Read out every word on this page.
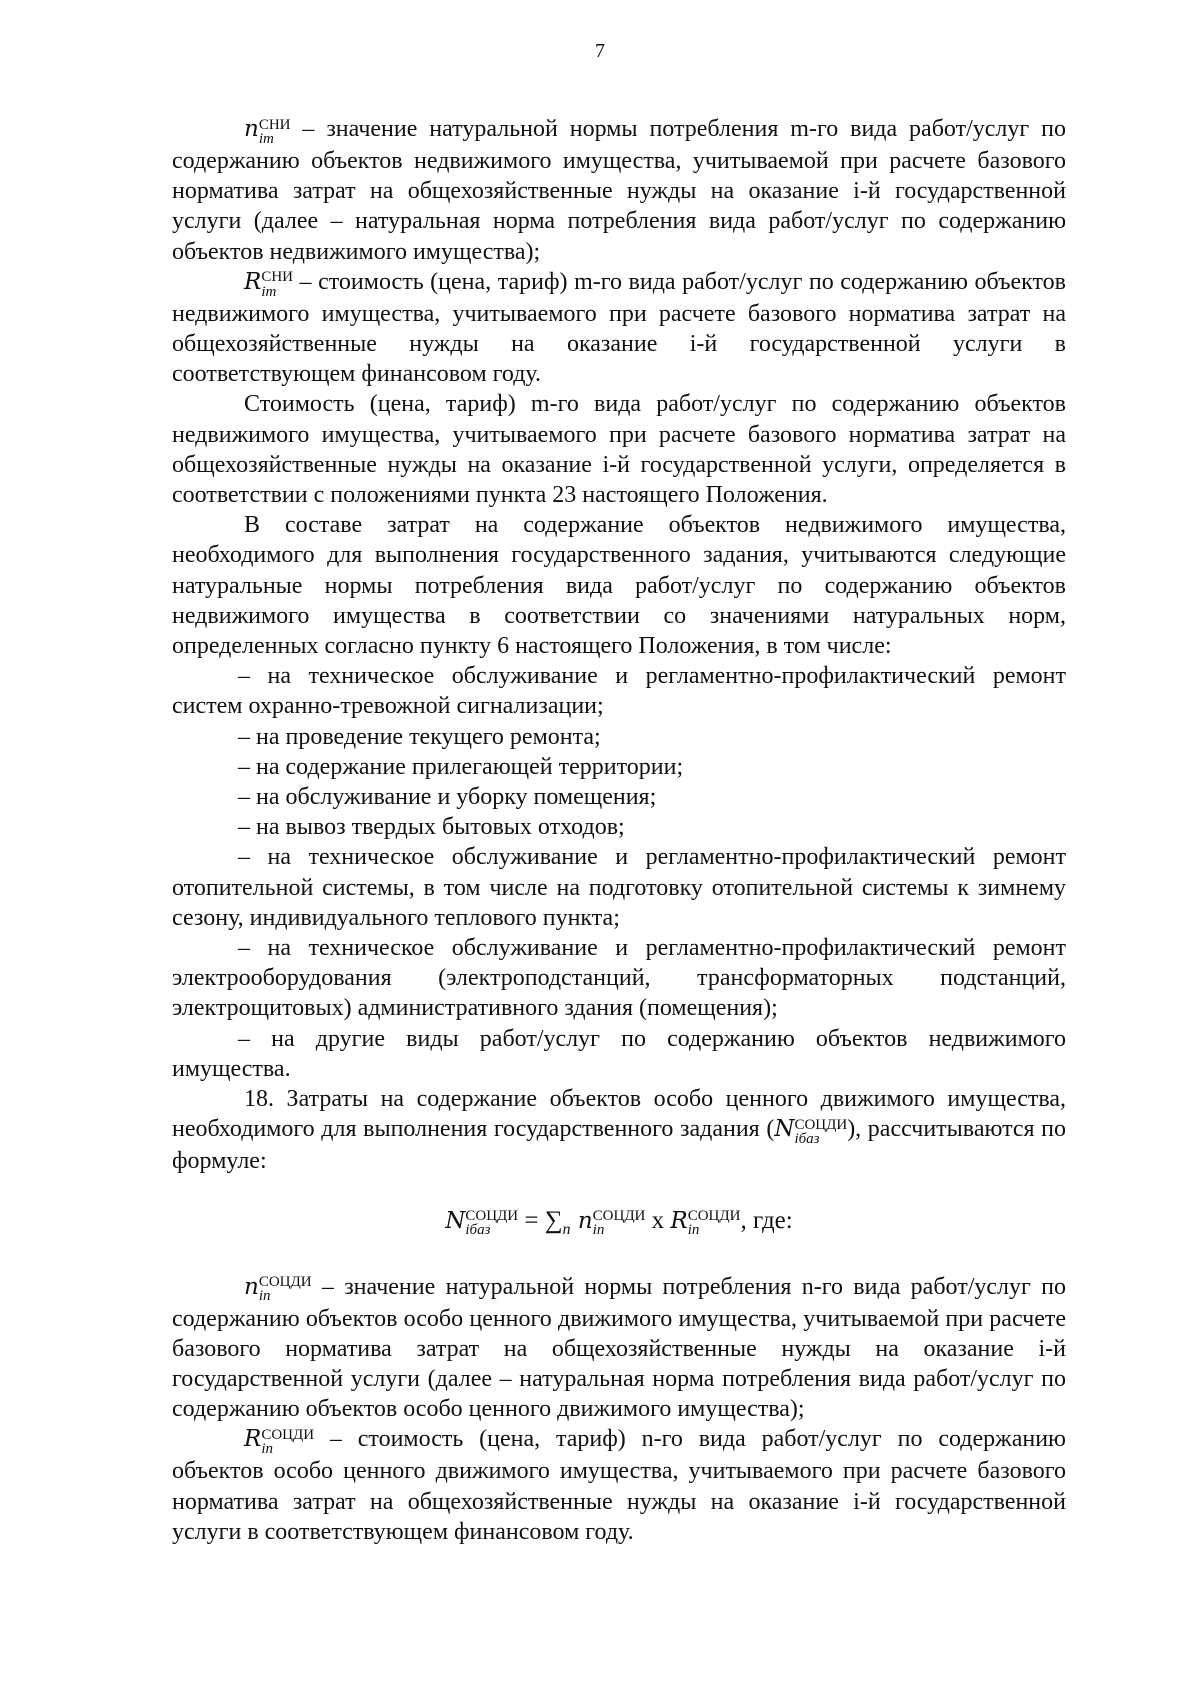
7

n СНИ
im – значение натуральной нормы потребления m-го вида работ/услуг по содержанию объектов недвижимого имущества, учитываемой при расчете базового норматива затрат на общехозяйственные нужды на оказание i-й государственной услуги (далее – натуральная норма потребления вида работ/услуг по содержанию объектов недвижимого имущества);

R СНИ
im – стоимость (цена, тариф) m-го вида работ/услуг по содержанию объектов недвижимого имущества, учитываемого при расчете базового норматива затрат на общехозяйственные нужды на оказание i-й государственной услуги в соответствующем финансовом году.

Стоимость (цена, тариф) m-го вида работ/услуг по содержанию объектов недвижимого имущества, учитываемого при расчете базового норматива затрат на общехозяйственные нужды на оказание i-й государственной услуги, определяется в соответствии с положениями пункта 23 настоящего Положения.

В составе затрат на содержание объектов недвижимого имущества, необходимого для выполнения государственного задания, учитываются следующие натуральные нормы потребления вида работ/услуг по содержанию объектов недвижимого имущества в соответствии со значениями натуральных норм, определенных согласно пункту 6 настоящего Положения, в том числе:

– на техническое обслуживание и регламентно-профилактический ремонт систем охранно-тревожной сигнализации;

– на проведение текущего ремонта;

– на содержание прилегающей территории;

– на обслуживание и уборку помещения;

– на вывоз твердых бытовых отходов;

– на техническое обслуживание и регламентно-профилактический ремонт отопительной системы, в том числе на подготовку отопительной системы к зимнему сезону, индивидуального теплового пункта;

– на техническое обслуживание и регламентно-профилактический ремонт электрооборудования (электроподстанций, трансформаторных подстанций, электрощитовых) административного здания (помещения);

– на другие виды работ/услуг по содержанию объектов недвижимого имущества.

18. Затраты на содержание объектов особо ценного движимого имущества, необходимого для выполнения государственного задания (N СОЦДИ
iбаз	), рассчитываются по формуле:

N СОЦДИ
iбаз	= $\sum_n$ n СОЦДИ
in	x R СОЦДИ
in	, где:

n СОЦДИ
in	– значение натуральной нормы потребления n-го вида работ/услуг по содержанию объектов особо ценного движимого имущества, учитываемой при расчете базового норматива затрат на общехозяйственные нужды на оказание i-й государственной услуги (далее – натуральная норма потребления вида работ/услуг по содержанию объектов особо ценного движимого имущества);

R СОЦДИ
in	– стоимость (цена, тариф) n-го вида работ/услуг по содержанию объектов особо ценного движимого имущества, учитываемого при расчете базового норматива затрат на общехозяйственные нужды на оказание i-й государственной услуги в соответствующем финансовом году.
